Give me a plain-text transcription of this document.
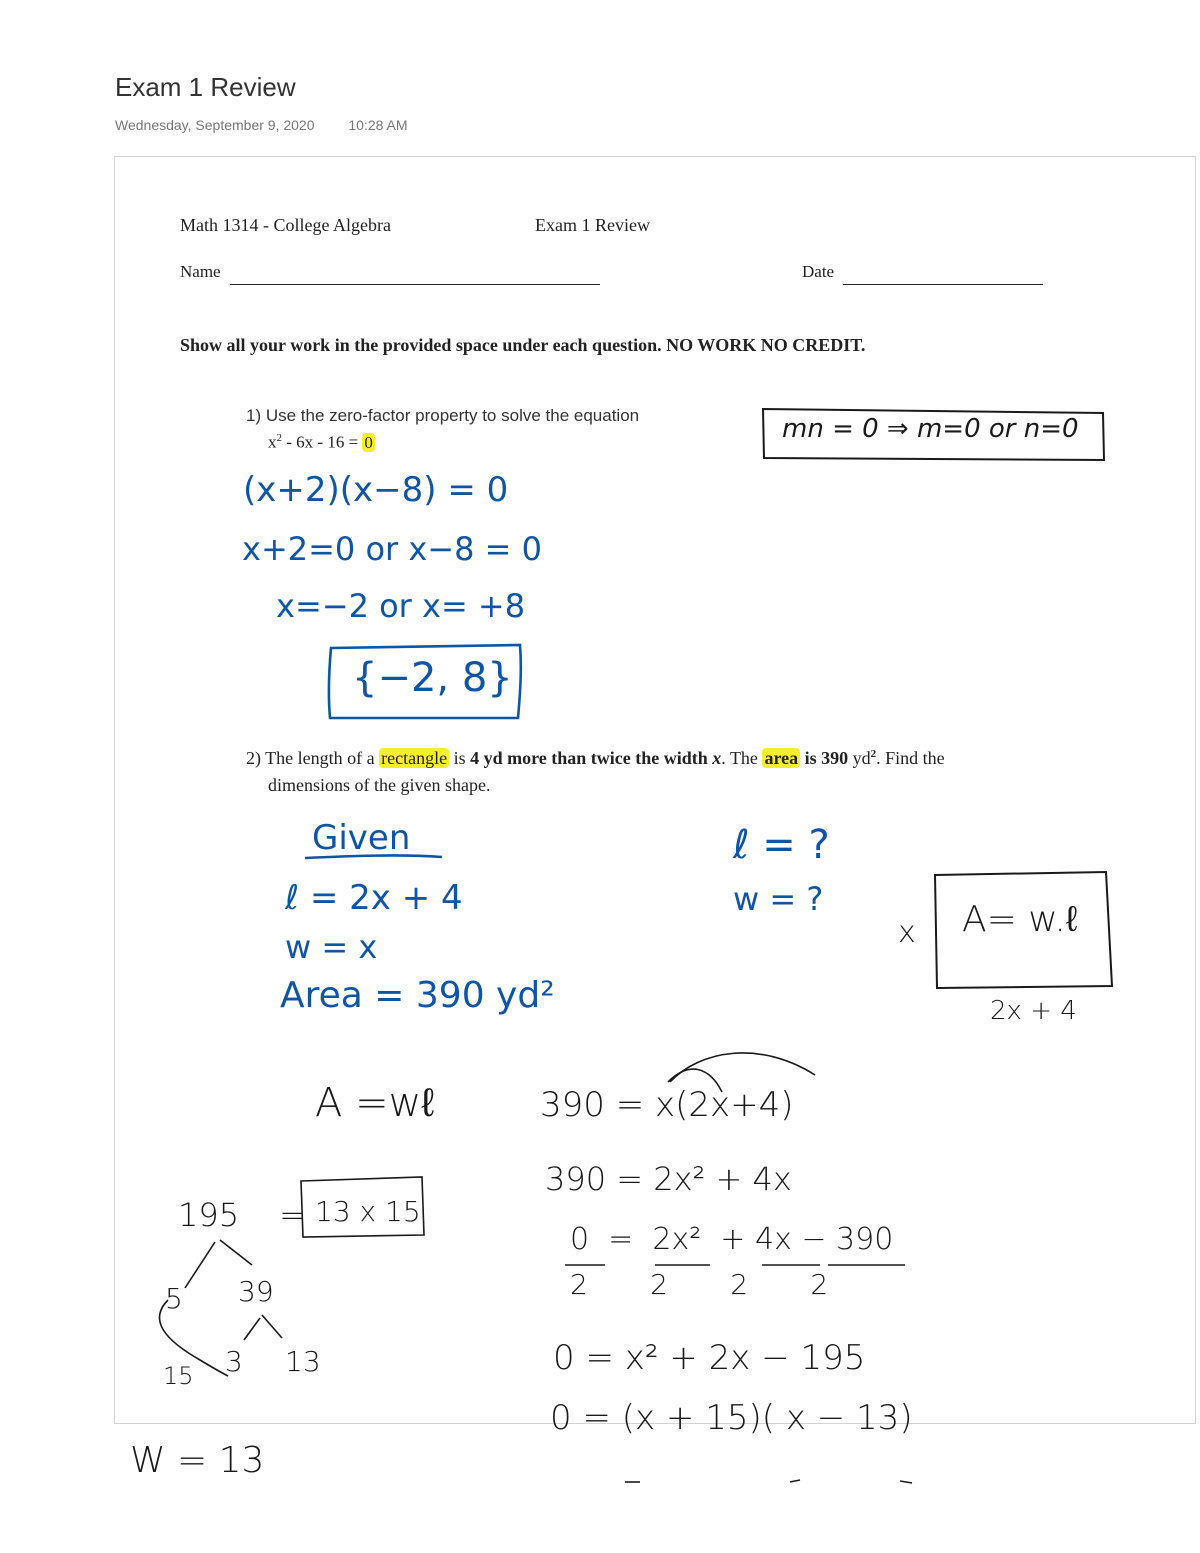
Exam 1 Review
Wednesday, September 9, 2020 10:28 AM
Math 1314 - College Algebra	Exam 1 Review
Name	Date
Show all your work in the provided space under each question. NO WORK NO CREDIT.
1) Use the zero-factor property to solve the equation
$x^2 - 6x - 16 = 0$
2) The length of a rectangle is 4 yd more than twice the width x. The area is 390 $yd^2$. Find the
dimensions of the given shape.
mn = 0 ⇒ m=0 or n=0
(x+2)(x−8) = 0
x+2=0 or x−8 = 0
x=−2 or x= +8
{−2, 8}
Given
ℓ = 2x + 4
w = x
Area = 390 yd²
ℓ = ?
w = ?
x A= w.ℓ
2x + 4
A =wℓ	390 = x(2x+4)
390 = 2x² + 4x
0  =  2x²  + 4x − 390
2       2       2       2
0 = x² + 2x − 195
0 = (x + 15)( x − 13)
195 = 13 x 15
5 39
3 13
15
W = 13
